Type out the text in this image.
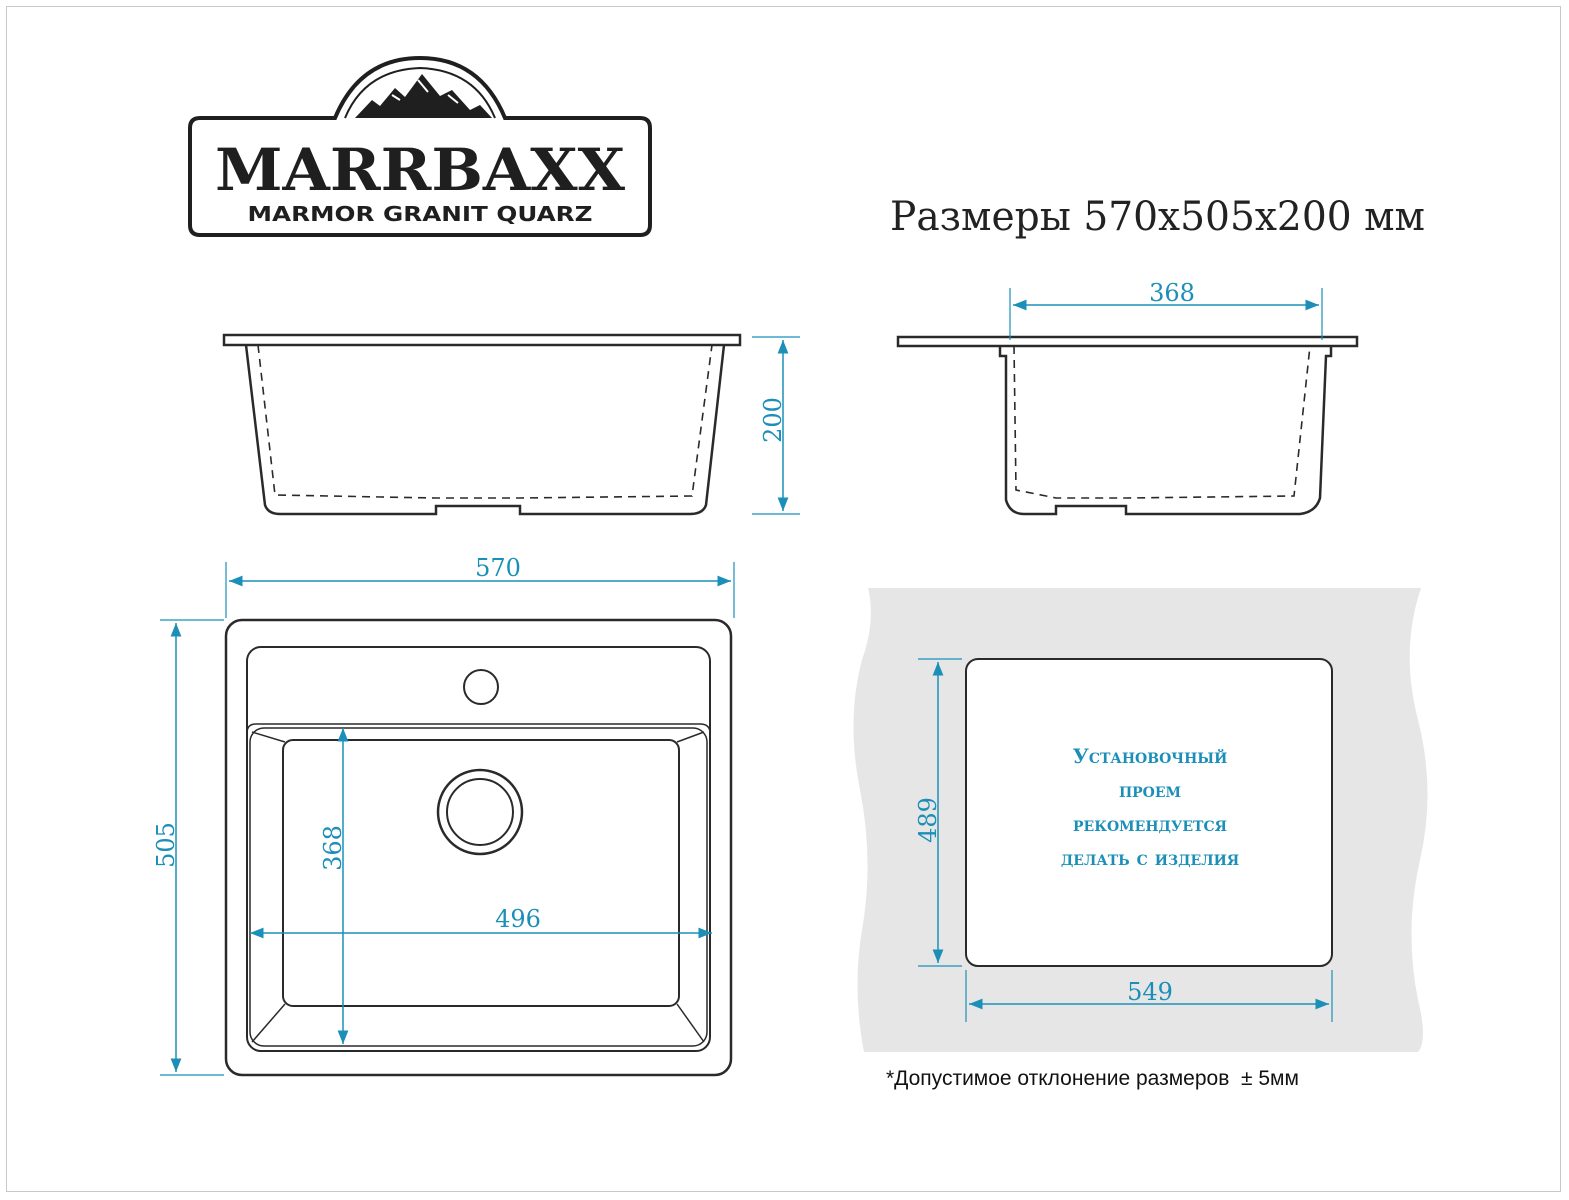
MARRBAXX
MARMOR GRANIT QUARZ	Размеры 570х505х200 мм
200
368
570
505	368
496
Установочный
проем
рекомендуется
делать с изделия
489
549
*Допустимое отклонение размеров  ± 5мм
